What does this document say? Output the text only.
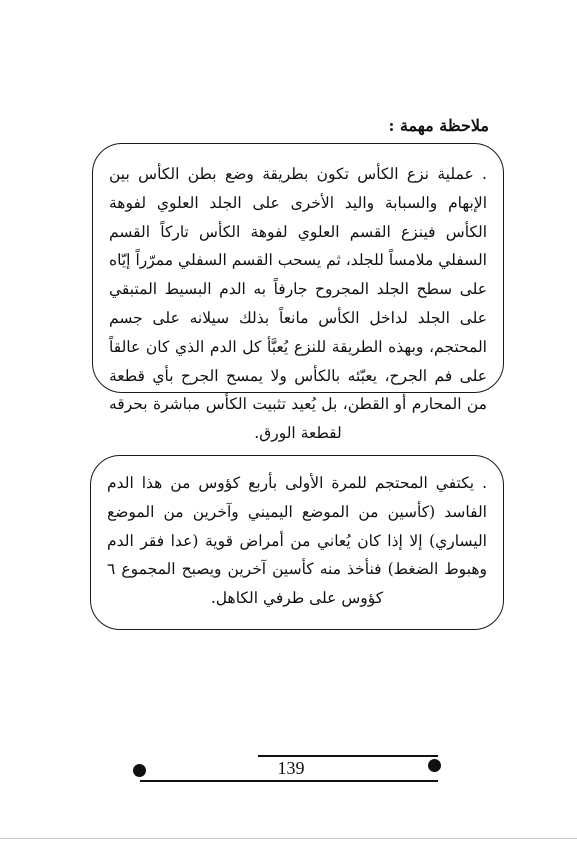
ملاحظة مهمة :

. عملية نزع الكأس تكون بطريقة وضع بطن الكأس بين الإبهام والسبابة واليد الأخرى على الجلد العلوي لفوهة الكأس فينزع القسم العلوي لفوهة الكأس تاركاً القسم السفلي ملامساً للجلد، ثم يسحب القسم السفلي ممرّراً إيّاه على سطح الجلد المجروح جارفاً به الدم البسيط المتبقي على الجلد لداخل الكأس مانعاً بذلك سيلانه على جسم المحتجم، وبهذه الطريقة للنزع يُعبَّأ كل الدم الذي كان عالقاً على فم الجرح، يعبّئه بالكأس ولا يمسح الجرح بأي قطعة من المحارم أو القطن، بل يُعيد تثبيت الكأس مباشرة بحرقه لقطعة الورق.

. يكتفي المحتجم للمرة الأولى بأربع كؤوس من هذا الدم الفاسد (كأسين من الموضع اليميني وآخرين من الموضع اليساري) إلا إذا كان يُعاني من أمراض قوية (عدا فقر الدم وهبوط الضغط) فنأخذ منه كأسين آخرين ويصبح المجموع ٦ كؤوس على طرفي الكاهل.

139
